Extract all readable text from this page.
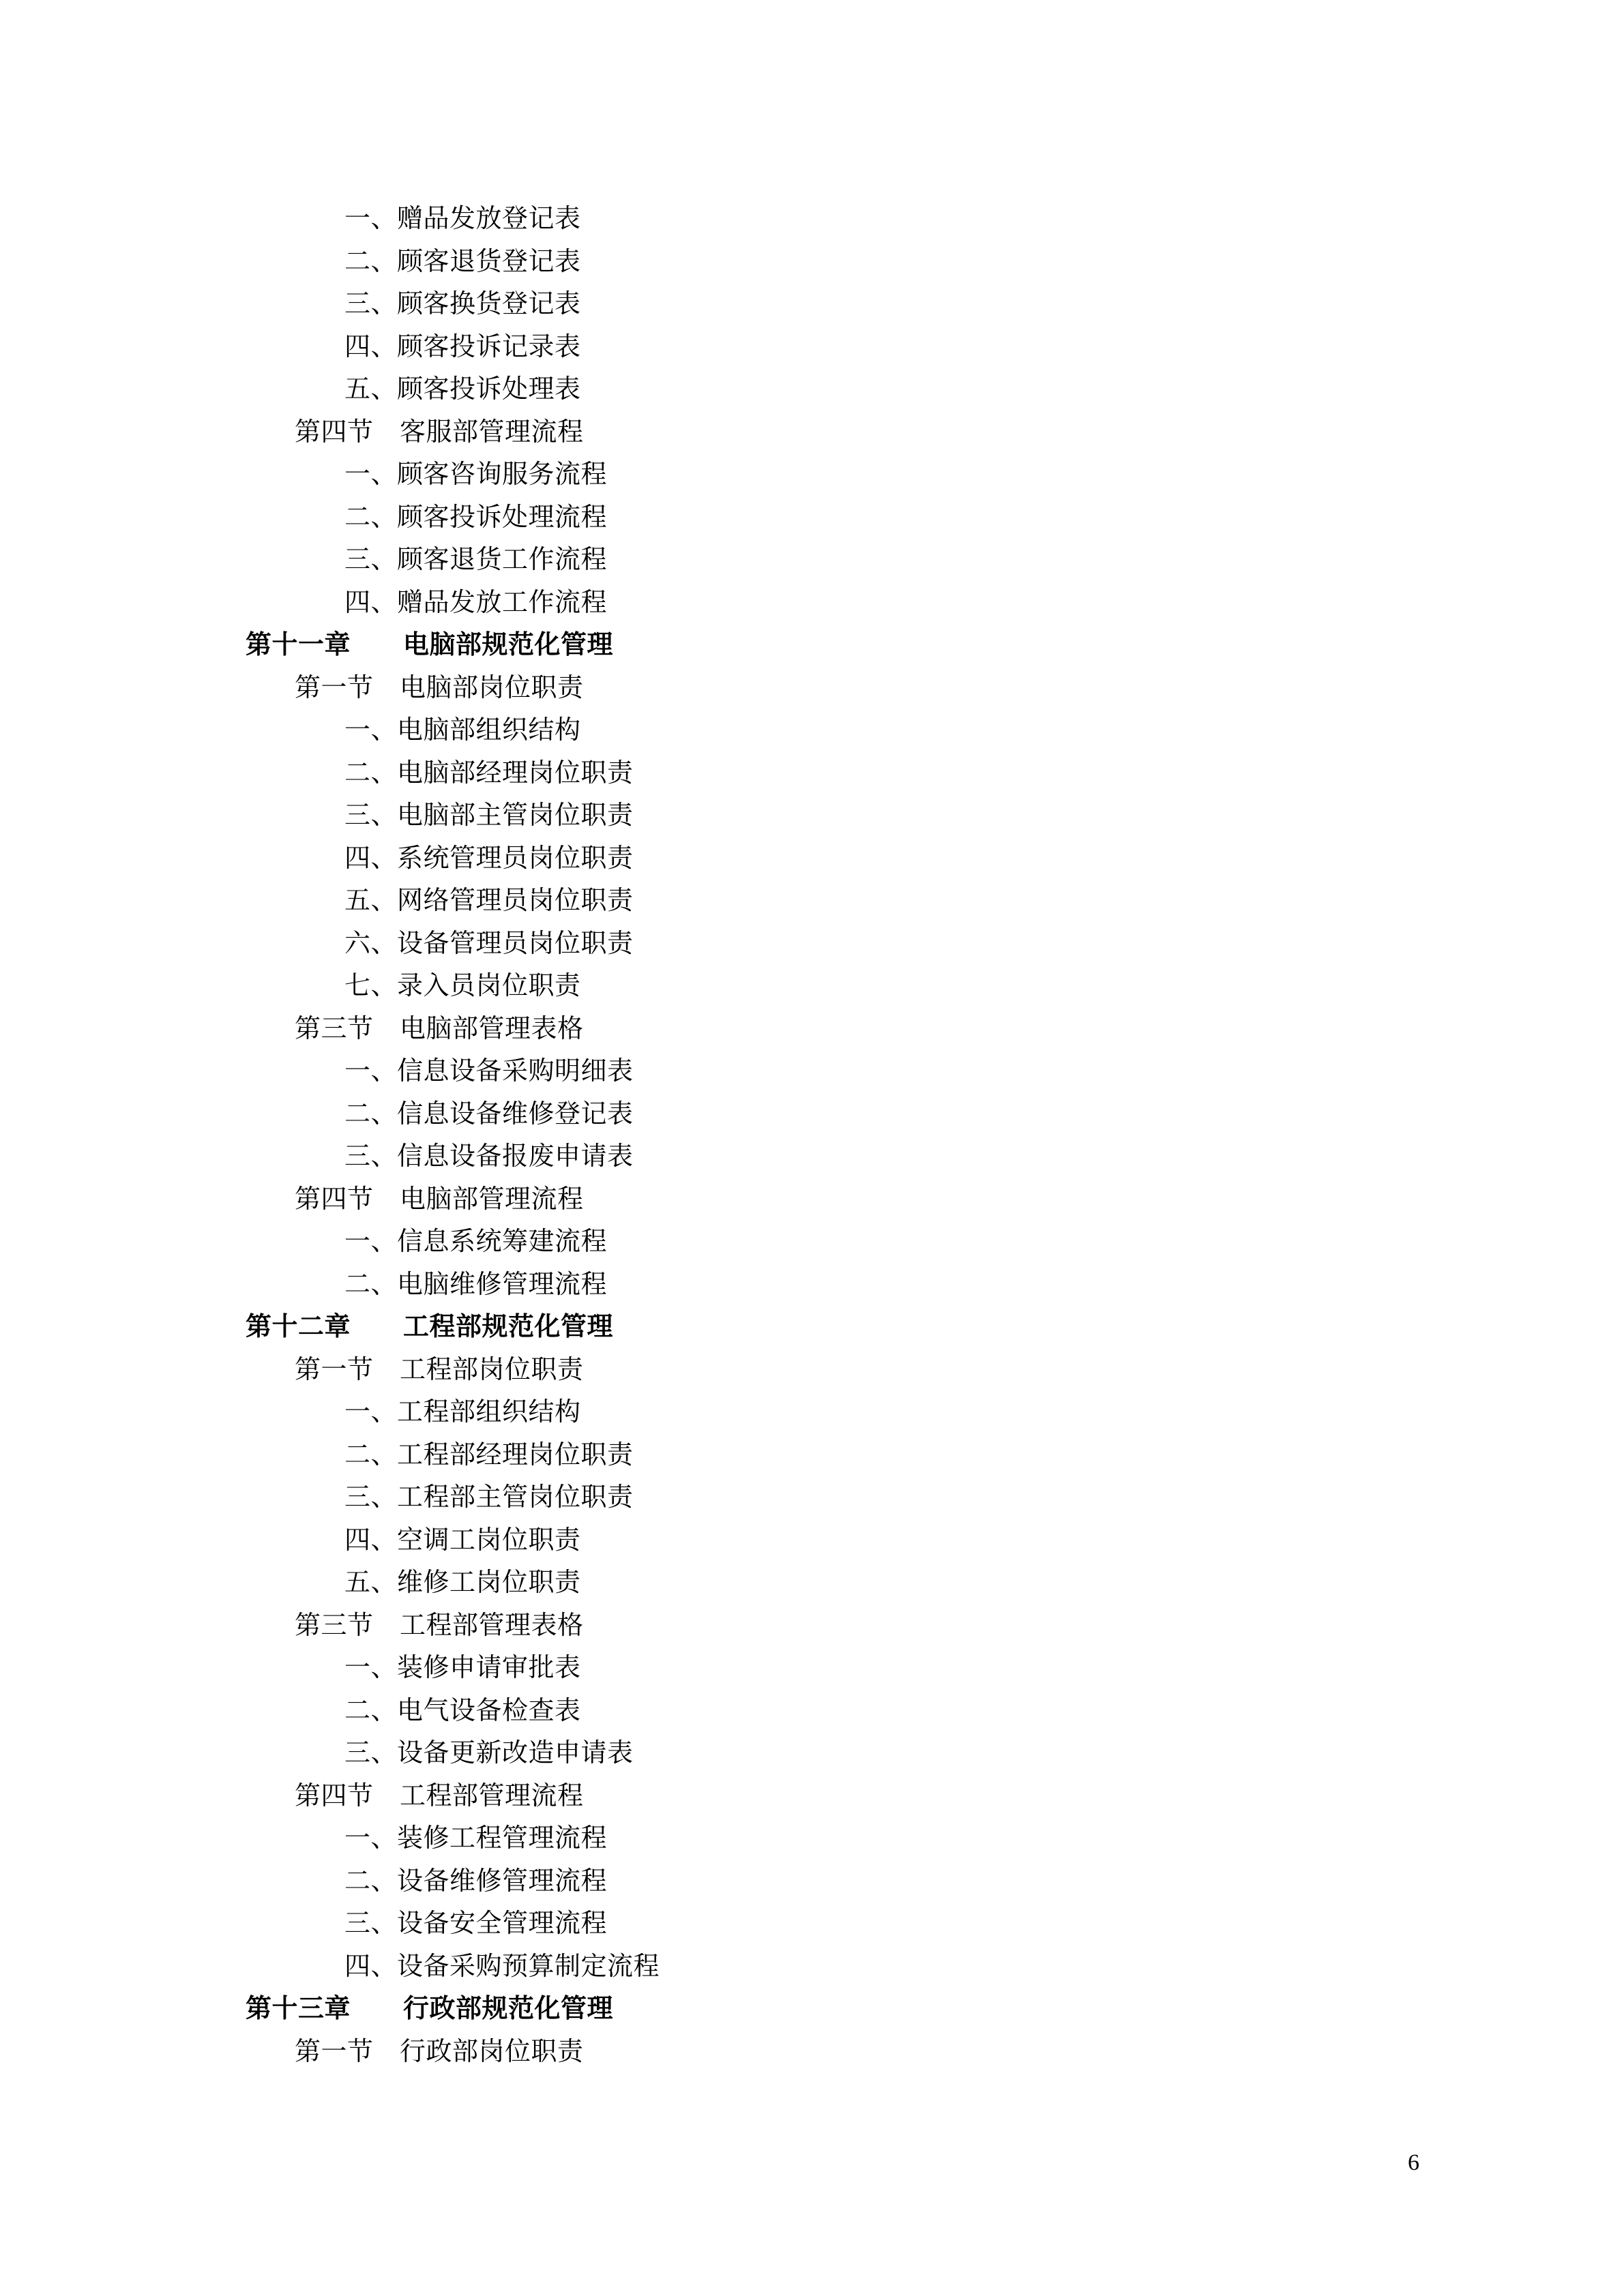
一、赠品发放登记表
二、顾客退货登记表
三、顾客换货登记表
四、顾客投诉记录表
五、顾客投诉处理表
第四节　客服部管理流程
一、顾客咨询服务流程
二、顾客投诉处理流程
三、顾客退货工作流程
四、赠品发放工作流程
第十一章　　电脑部规范化管理
第一节　电脑部岗位职责
一、电脑部组织结构
二、电脑部经理岗位职责
三、电脑部主管岗位职责
四、系统管理员岗位职责
五、网络管理员岗位职责
六、设备管理员岗位职责
七、录入员岗位职责
第三节　电脑部管理表格
一、信息设备采购明细表
二、信息设备维修登记表
三、信息设备报废申请表
第四节　电脑部管理流程
一、信息系统筹建流程
二、电脑维修管理流程
第十二章　　工程部规范化管理
第一节　工程部岗位职责
一、工程部组织结构
二、工程部经理岗位职责
三、工程部主管岗位职责
四、空调工岗位职责
五、维修工岗位职责
第三节　工程部管理表格
一、装修申请审批表
二、电气设备检查表
三、设备更新改造申请表
第四节　工程部管理流程
一、装修工程管理流程
二、设备维修管理流程
三、设备安全管理流程
四、设备采购预算制定流程
第十三章　　行政部规范化管理
第一节　行政部岗位职责
6
